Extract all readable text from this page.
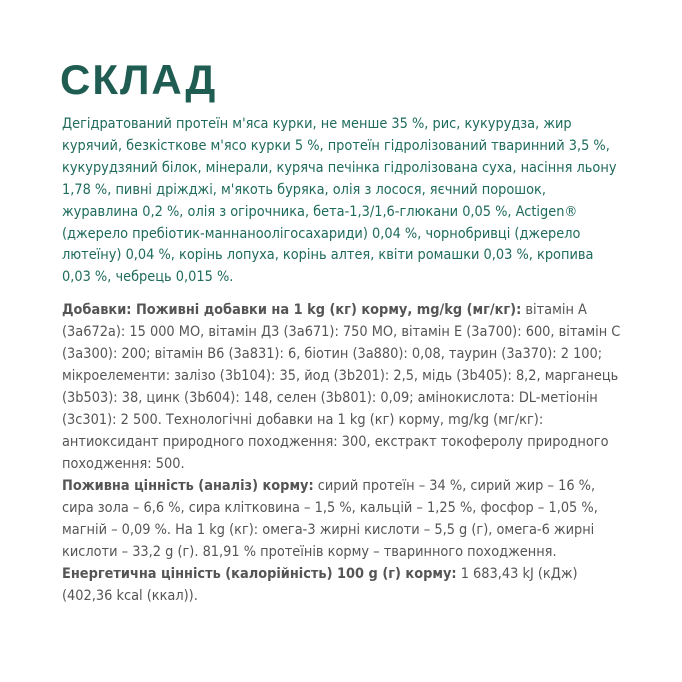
СКЛАД

Дегідратований протеїн м'яса курки, не менше 35 %, рис, кукурудза, жир курячий, безкісткове м'ясо курки 5 %, протеїн гідролізований тваринний 3,5 %, кукурудзяний білок, мінерали, куряча печінка гідролізована суха, насіння льону 1,78 %, пивні дріжджі, м'якоть буряка, олія з лосося, яєчний порошок, журавлина 0,2 %, олія з огірочника, бета-1,3/1,6-глюкани 0,05 %, Actigen® (джерело пребіотик-маннаноолігосахариди) 0,04 %, чорнобривці (джерело лютеїну) 0,04 %, корінь лопуха, корінь алтея, квіти ромашки 0,03 %, кропива 0,03 %, чебрець 0,015 %.

Добавки: Поживні добавки на 1 kg (кг) корму, mg/kg (мг/кг): вітамін А (3а672а): 15 000 МО, вітамін Д3 (3а671): 750 МО, вітамін Е (3а700): 600, вітамін С (3а300): 200; вітамін В6 (3а831): 6, біотин (3а880): 0,08, таурин (3а370): 2 100; мікроелементи: залізо (3b104): 35, йод (3b201): 2,5, мідь (3b405): 8,2, марганець (3b503): 38, цинк (3b604): 148, селен (3b801): 0,09; амінокислота: DL-метіонін (3с301): 2 500. Технологічні добавки на 1 kg (кг) корму, mg/kg (мг/кг): антиоксидант природного походження: 300, екстракт токоферолу природного походження: 500.
Поживна цінність (аналіз) корму: сирий протеїн – 34 %, сирий жир – 16 %, сира зола – 6,6 %, сира клітковина – 1,5 %, кальцій – 1,25 %, фосфор – 1,05 %, магній – 0,09 %. На 1 kg (кг): омега-3 жирні кислоти – 5,5 g (г), омега-6 жирні кислоти – 33,2 g (г). 81,91 % протеїнів корму – тваринного походження.
Енергетична цінність (калорійність) 100 g (г) корму: 1 683,43 kJ (кДж) (402,36 kcal (ккал)).
